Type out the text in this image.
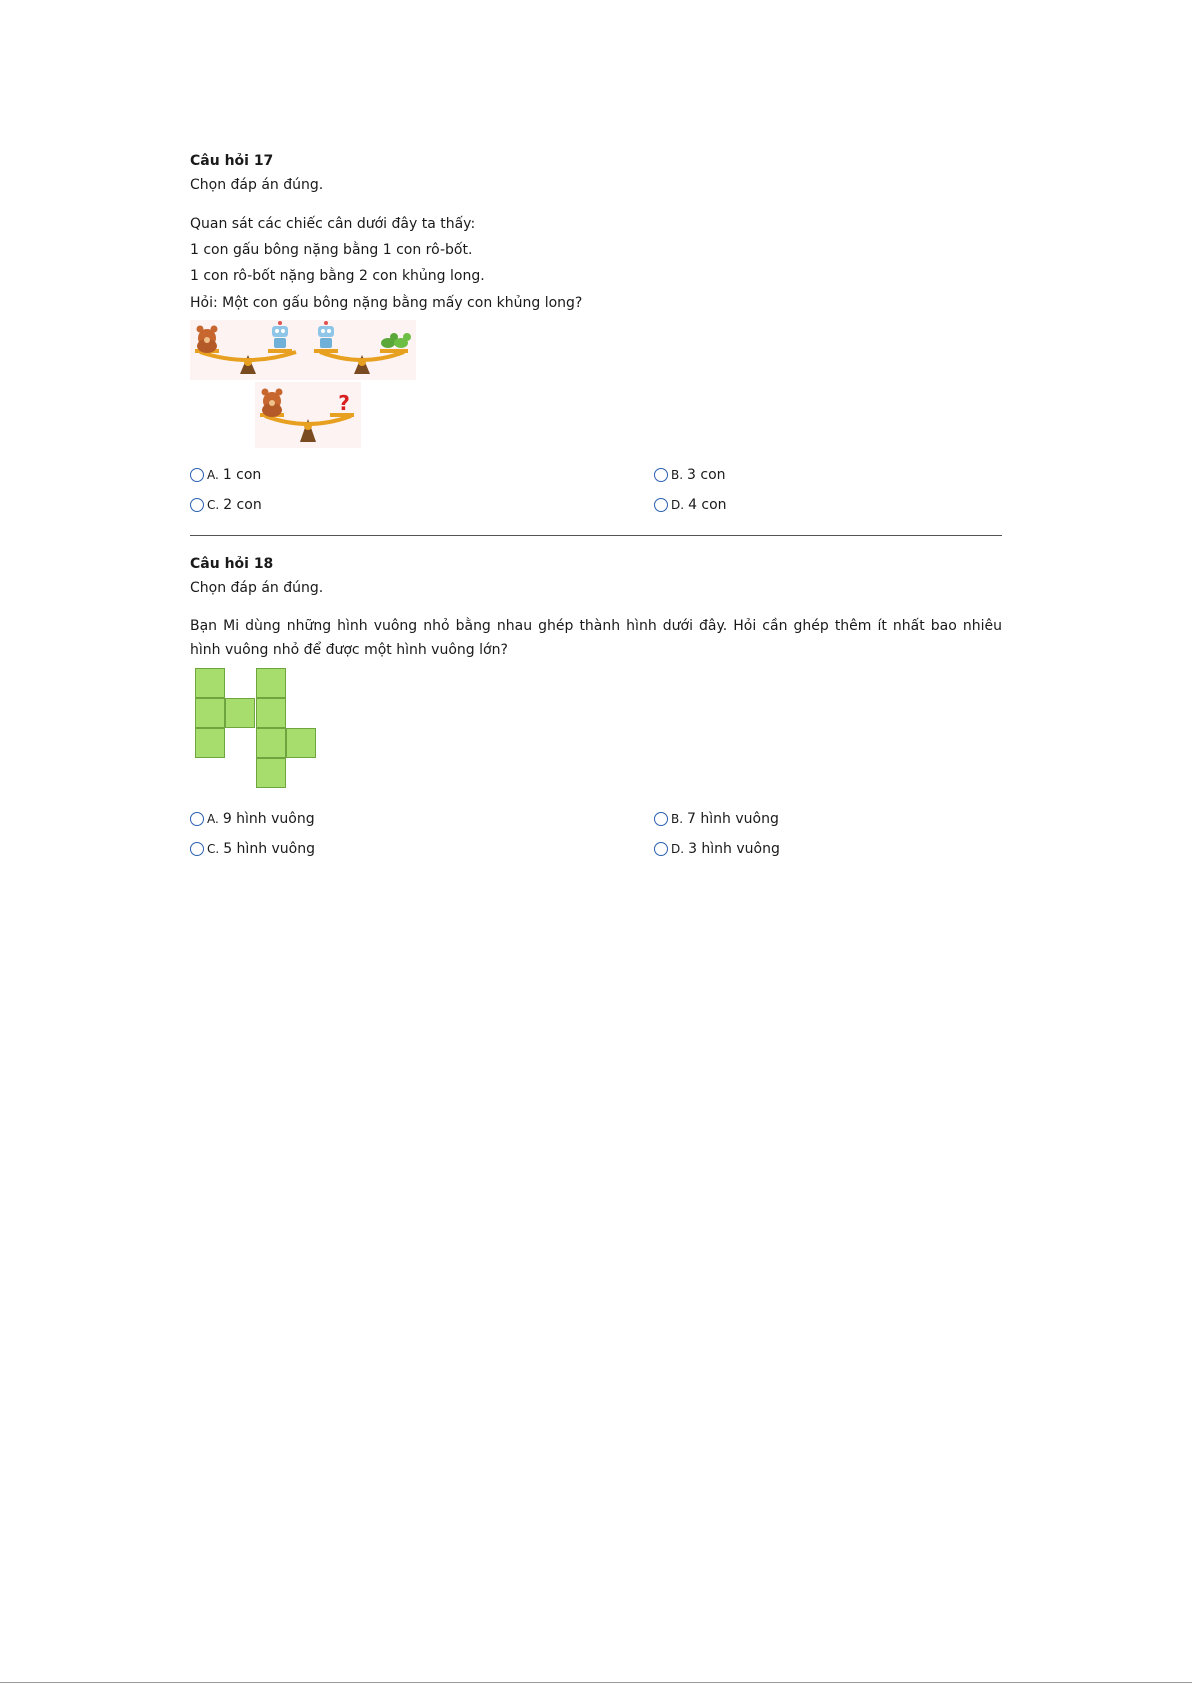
Câu hỏi 17
Chọn đáp án đúng.
Quan sát các chiếc cân dưới đây ta thấy:
1 con gấu bông nặng bằng 1 con rô-bốt.
1 con rô-bốt nặng bằng 2 con khủng long.
Hỏi: Một con gấu bông nặng bằng mấy con khủng long?
?
A. 1 con	B. 3 con
C. 2 con	D. 4 con
Câu hỏi 18
Chọn đáp án đúng.
Bạn Mi dùng những hình vuông nhỏ bằng nhau ghép thành hình dưới đây. Hỏi cần ghép thêm ít nhất bao nhiêu hình vuông nhỏ để được một hình vuông lớn?
A. 9 hình vuông	B. 7 hình vuông
C. 5 hình vuông	D. 3 hình vuông
